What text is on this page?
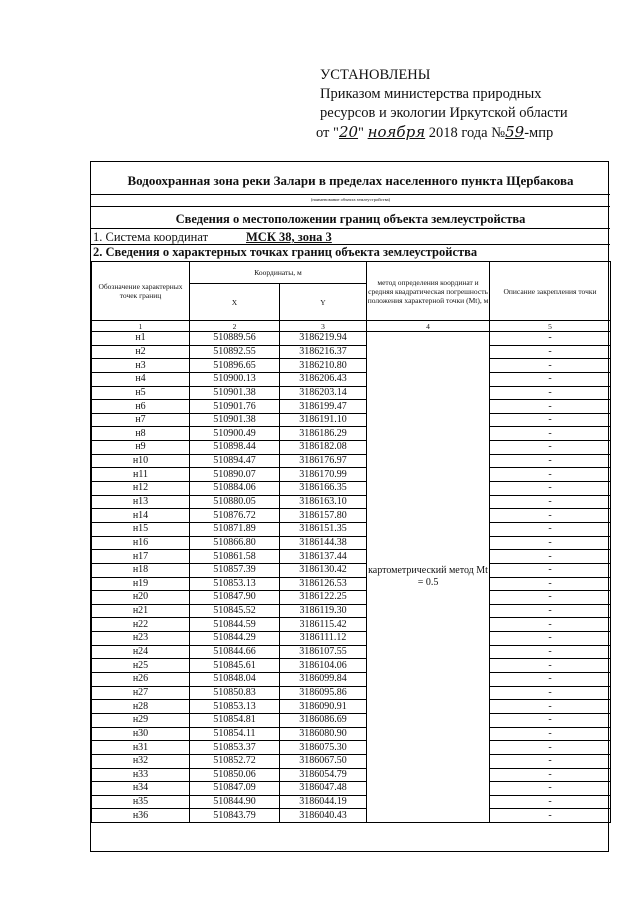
УСТАНОВЛЕНЫ
Приказом министерства природных
ресурсов и экологии Иркутской области
от "20" ноября 2018 года №59-мпр
Водоохранная зона реки Залари в пределах населенного пункта Щербакова
(наименование объекта землеустройства)
Сведения о местоположении границ объекта землеустройства
1. Система координат	МСК 38, зона 3
2. Сведения о характерных точках границ объекта землеустройства
Обозначение характерных точек границ	Координаты, м		метод определения координат и средняя квадратическая погрешность положения характерной точки (Mt), м	Описание закрепления точки
	X	Y		
1	2	3	4	5
н1	510889.56	3186219.94	картометрический метод Mt = 0.5	-
н2	510892.55	3186216.37		-
н3	510896.65	3186210.80		-
н4	510900.13	3186206.43		-
н5	510901.38	3186203.14		-
н6	510901.76	3186199.47		-
н7	510901.38	3186191.10		-
н8	510900.49	3186186.29		-
н9	510898.44	3186182.08		-
н10	510894.47	3186176.97		-
н11	510890.07	3186170.99		-
н12	510884.06	3186166.35		-
н13	510880.05	3186163.10		-
н14	510876.72	3186157.80		-
н15	510871.89	3186151.35		-
н16	510866.80	3186144.38		-
н17	510861.58	3186137.44		-
н18	510857.39	3186130.42		-
н19	510853.13	3186126.53		-
н20	510847.90	3186122.25		-
н21	510845.52	3186119.30		-
н22	510844.59	3186115.42		-
н23	510844.29	3186111.12		-
н24	510844.66	3186107.55		-
н25	510845.61	3186104.06		-
н26	510848.04	3186099.84		-
н27	510850.83	3186095.86		-
н28	510853.13	3186090.91		-
н29	510854.81	3186086.69		-
н30	510854.11	3186080.90		-
н31	510853.37	3186075.30		-
н32	510852.72	3186067.50		-
н33	510850.06	3186054.79		-
н34	510847.09	3186047.48		-
н35	510844.90	3186044.19		-
н36	510843.79	3186040.43		-
